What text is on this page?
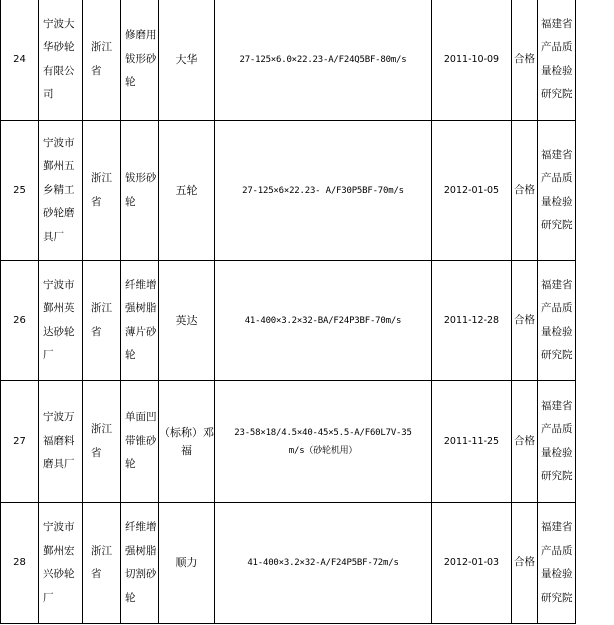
24	宁波大华砂轮有限公司	浙江省	修磨用钹形砂轮	大华	27-125×6.0×22.23-A/F24Q5BF-80m/s	2011-10-09	合格	福建省产品质量检验研究院
25	宁波市鄞州五乡精工砂轮磨具厂	浙江省	钹形砂轮	五轮	27-125×6×22.23- A/F30P5BF-70m/s	2012-01-05	合格	福建省产品质量检验研究院
26	宁波市鄞州英达砂轮厂	浙江省	纤维增强树脂薄片砂轮	英达	41-400×3.2×32-BA/F24P3BF-70m/s	2011-12-28	合格	福建省产品质量检验研究院
27	宁波万福磨料磨具厂	浙江省	单面凹带锥砂轮	（标称）邓福	23-58×18/4.5×40-45×5.5-A/F60L7V-35m/s（砂轮机用）	2011-11-25	合格	福建省产品质量检验研究院
28	宁波市鄞州宏兴砂轮厂	浙江省	纤维增强树脂切割砂轮	顺力	41-400×3.2×32-A/F24P5BF-72m/s	2012-01-03	合格	福建省产品质量检验研究院
